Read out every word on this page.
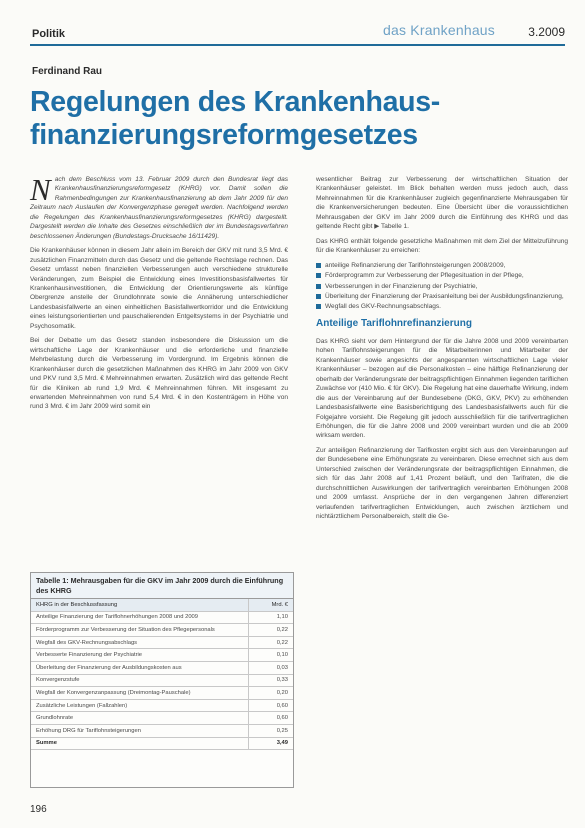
Politik	das Krankenhaus	3.2009
Ferdinand Rau
Regelungen des Krankenhaus-
finanzierungsreformgesetzes

Nach dem Beschluss vom 13. Februar 2009 durch den Bundesrat liegt das Krankenhausfinanzierungsreformgesetz (KHRG) vor. Damit sollen die Rahmenbedingungen zur Krankenhausfinanzierung ab dem Jahr 2009 für den Zeitraum nach Auslaufen der Konvergenzphase geregelt werden. Nachfolgend werden die Regelungen des Krankenhausfinanzierungsreformgesetzes (KHRG) dargestellt. Dargestellt werden die Inhalte des Gesetzes einschließlich der im Bundestagsverfahren beschlossenen Änderungen (Bundestags-Drucksache 16/11429).

Die Krankenhäuser können in diesem Jahr allein im Bereich der GKV mit rund 3,5 Mrd. € zusätzlichen Finanzmitteln durch das Gesetz und die geltende Rechtslage rechnen. Das Gesetz umfasst neben finanziellen Verbesserungen auch verschiedene strukturelle Veränderungen, zum Beispiel die Entwicklung eines Investitionsbasisfallwertes für Krankenhausinvestitionen, die Entwicklung der Orientierungswerte als künftige Obergrenze anstelle der Grundlohnrate sowie die Annäherung unterschiedlicher Landesbasisfallwerte an einen einheitlichen Basisfallwertkorridor und die Entwicklung eines leistungsorientierten und pauschalierenden Entgeltsystems in der Psychiatrie und Psychosomatik.

Bei der Debatte um das Gesetz standen insbesondere die Diskussion um die wirtschaftliche Lage der Krankenhäuser und die erforderliche und finanzielle Mehrbelastung durch die Verbesserung im Vordergrund. Im Ergebnis können die Krankenhäuser durch die gesetzlichen Maßnahmen des KHRG im Jahr 2009 von GKV und PKV rund 3,5 Mrd. € Mehreinnahmen erwarten. Zusätzlich wird das geltende Recht für die Kliniken ab rund 1,9 Mrd. € Mehreinnahmen führen. Mit insgesamt zu erwartenden Mehreinnahmen von rund 5,4 Mrd. € in den Kostenträgern in Höhe von rund 3 Mrd. € im Jahr 2009 wird somit ein

Tabelle 1: Mehrausgaben für die GKV im Jahr 2009 durch die Einführung des KHRG
KHRG in der Beschlussfassung	Mrd. €
Anteilige Finanzierung der Tariflohnerhöhungen 2008 und 2009	1,10
Förderprogramm zur Verbesserung der Situation des Pflegepersonals	0,22
Wegfall des GKV-Rechnungsabschlags	0,22
Verbesserte Finanzierung der Psychiatrie	0,10
Überleitung der Finanzierung der Ausbildungskosten aus	0,03
Konvergenzstufe	0,33
Wegfall der Konvergenzanpassung (Dreimontag-Pauschale)	0,20
Zusätzliche Leistungen (Fallzahlen)	0,60
Grundlohnrate	0,60
Erhöhung DRG für Tariflohnsteigerungen	0,25
Summe	3,49

wesentlicher Beitrag zur Verbesserung der wirtschaftlichen Situation der Krankenhäuser geleistet. Im Blick behalten werden muss jedoch auch, dass Mehreinnahmen für die Krankenhäuser zugleich gegenfinanzierte Mehrausgaben für die Krankenversicherungen bedeuten. Eine Übersicht über die voraussichtlichen Mehrausgaben der GKV im Jahr 2009 durch die Einführung des KHRG und das geltende Recht gibt ▶ Tabelle 1.

Das KHRG enthält folgende gesetzliche Maßnahmen mit dem Ziel der Mittelzuführung für die Krankenhäuser zu erreichen:

anteilige Refinanzierung der Tariflohnsteigerungen 2008/2009,
Förderprogramm zur Verbesserung der Pflegesituation in der Pflege,
Verbesserungen in der Finanzierung der Psychiatrie,
Überleitung der Finanzierung der Praxisanleitung bei der Ausbildungsfinanzierung,
Wegfall des GKV-Rechnungsabschlags.
Anteilige Tariflohnrefinanzierung

Das KHRG sieht vor dem Hintergrund der für die Jahre 2008 und 2009 vereinbarten hohen Tariflohnsteigerungen für die Mitarbeiterinnen und Mitarbeiter der Krankenhäuser sowie angesichts der angespannten wirtschaftlichen Lage vieler Krankenhäuser – bezogen auf die Personalkosten – eine hälftige Refinanzierung der oberhalb der Veränderungsrate der beitragspflichtigen Einnahmen liegenden tariflichen Zuwächse vor (410 Mio. € für GKV). Die Regelung hat eine dauerhafte Wirkung, indem die aus der Vereinbarung auf der Bundesebene (DKG, GKV, PKV) zu erhöhenden Landesbasisfallwerte eine Basisberichtigung des Landesbasisfallwerts auch für die Folgejahre vorsieht. Die Regelung gilt jedoch ausschließlich für die tarifvertraglichen Erhöhungen, die für die Jahre 2008 und 2009 vereinbart wurden und die ab 2009 wirksam werden.

Zur anteiligen Refinanzierung der Tarifkosten ergibt sich aus den Vereinbarungen auf der Bundesebene eine Erhöhungsrate zu vereinbaren. Diese errechnet sich aus dem Unterschied zwischen der Veränderungsrate der beitragspflichtigen Einnahmen, die sich für das Jahr 2008 auf 1,41 Prozent beläuft, und den Tarifraten, die die durchschnittlichen Auswirkungen der tarifvertraglich vereinbarten Erhöhungen 2008 und 2009 umfasst. Ansprüche der in den vergangenen Jahren differenziert verlaufenden tarifvertraglichen Entwicklungen, auch zwischen ärztlichem und nichtärztlichem Personalbereich, stellt die Ge-

196
